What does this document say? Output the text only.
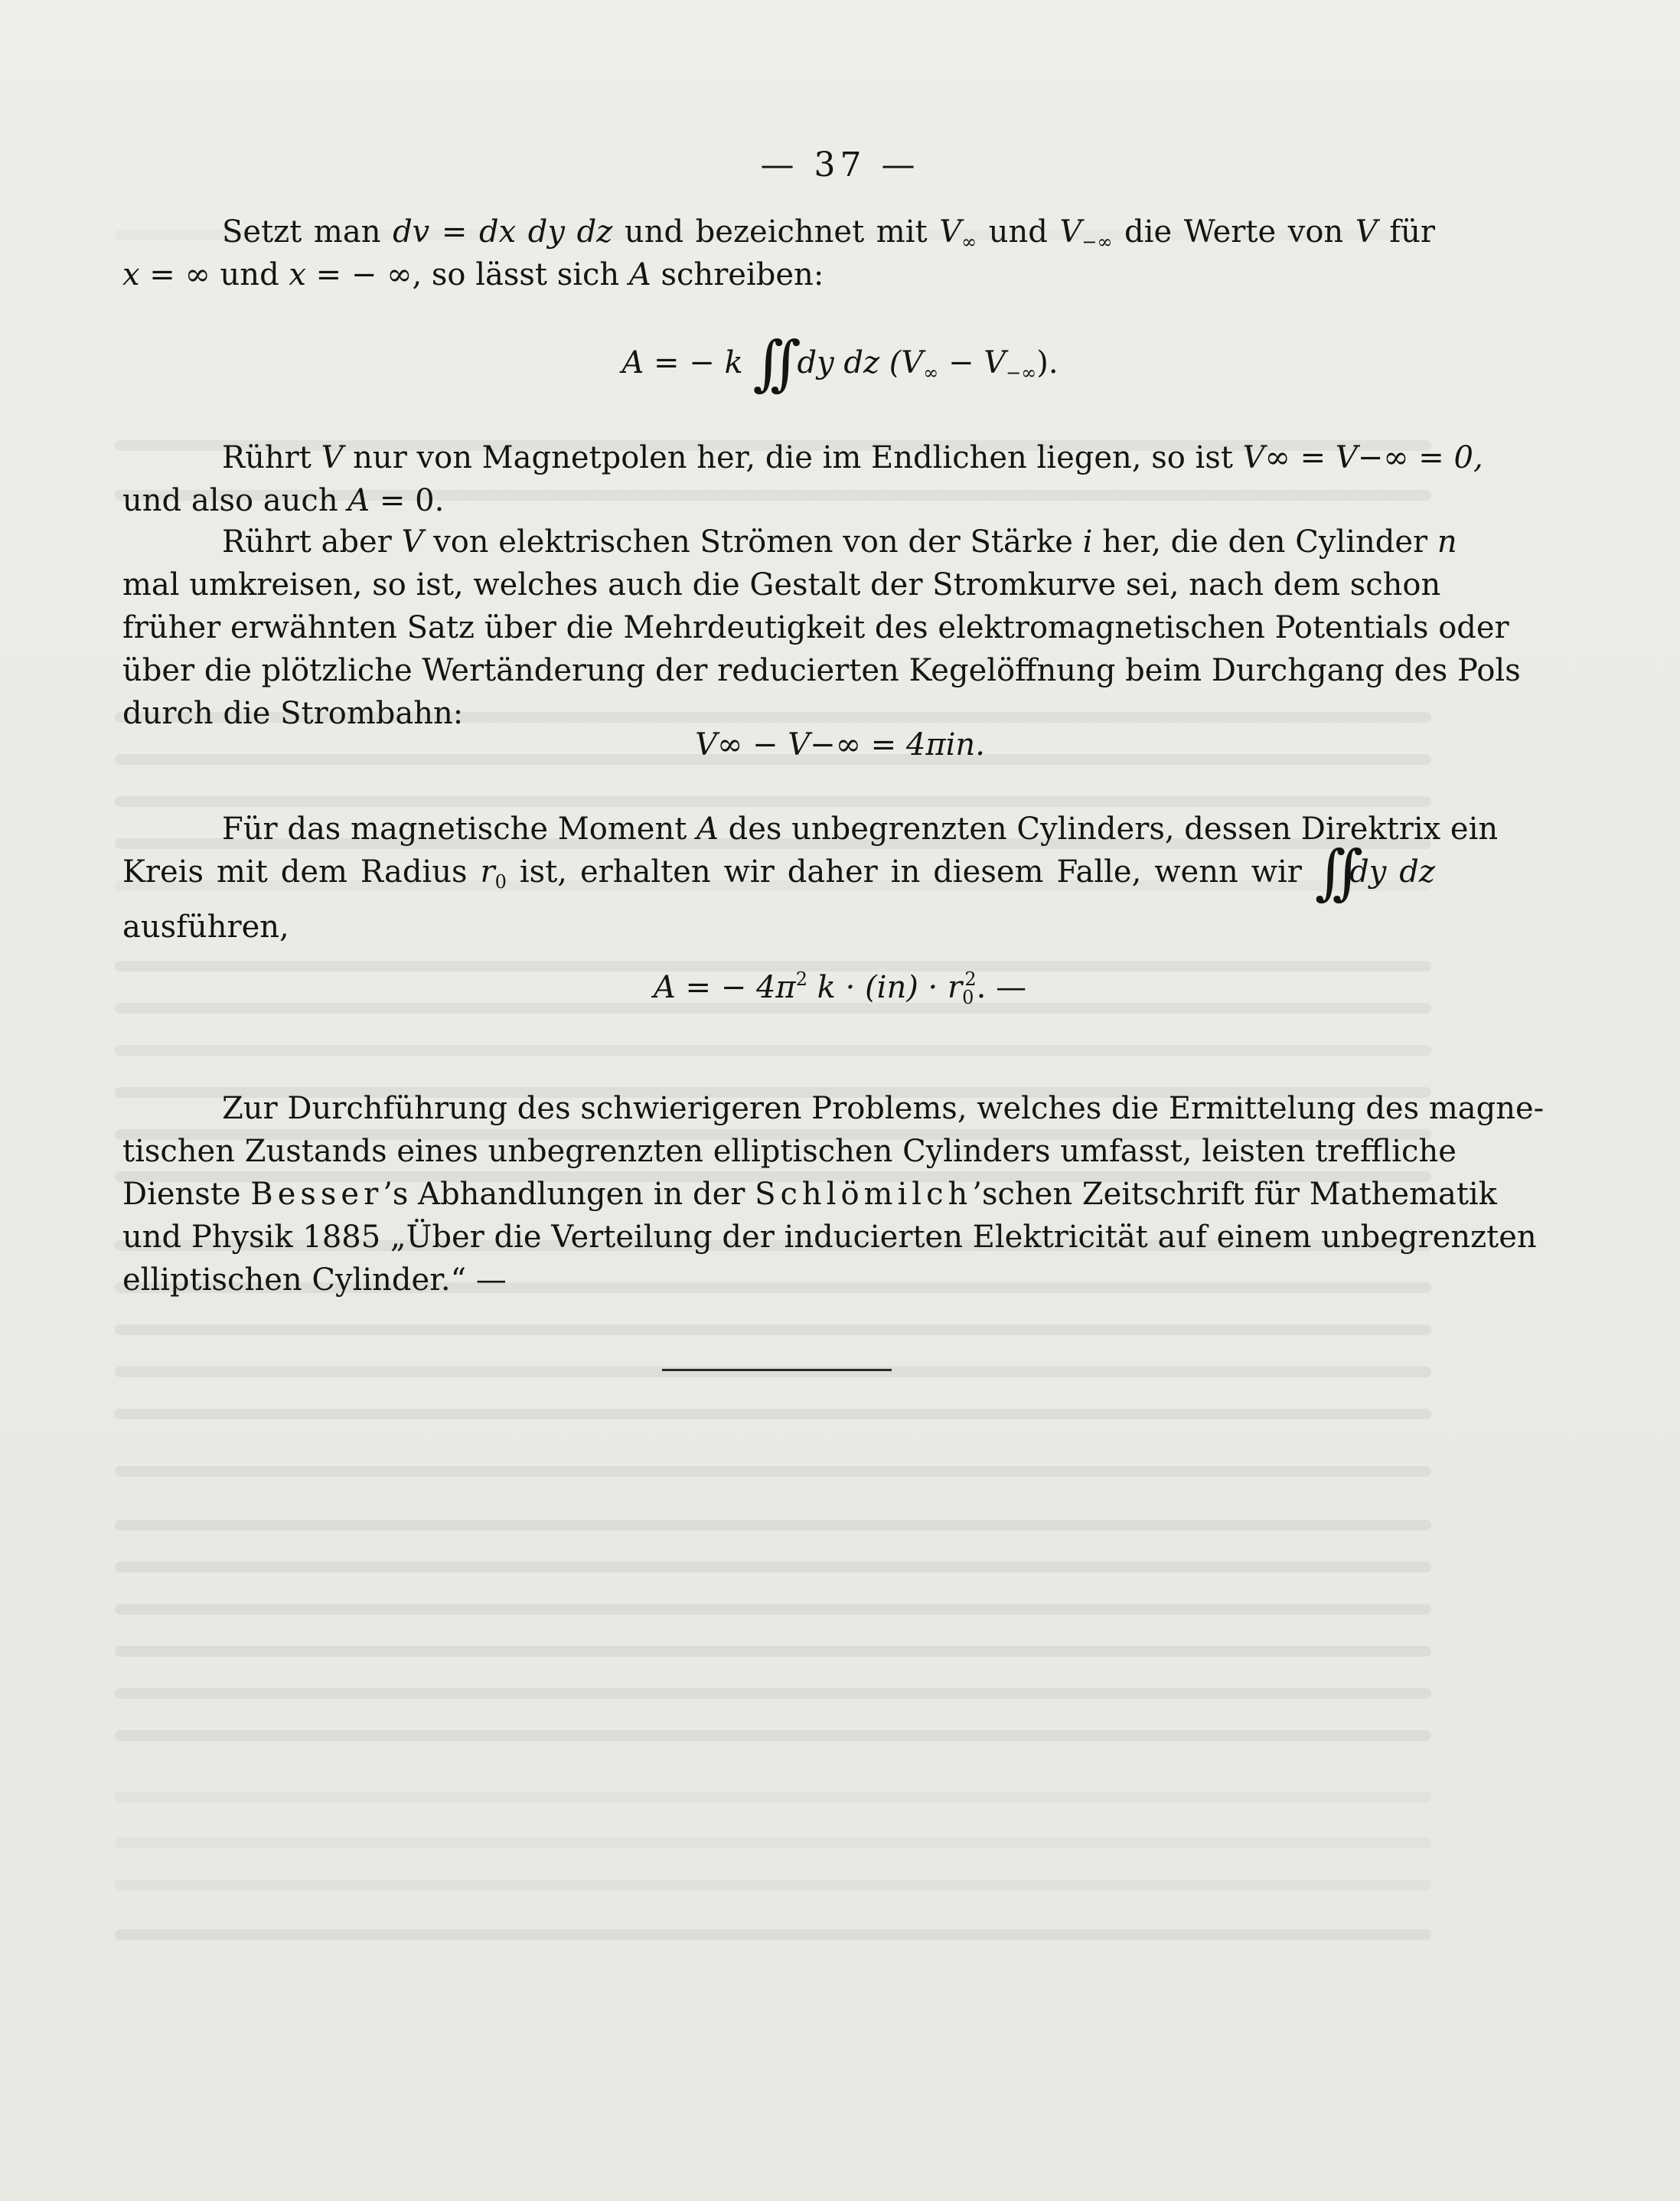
— 37 —
Setzt man dv = dx dy dz und bezeichnet mit $V_\infty$ und $V_{-\infty}$ die Werte von V für
x = ∞ und x = − ∞, so lässt sich A schreiben:
A = − k ∫∫ dy dz $(V_\infty - V_{-\infty})$.
Rührt V nur von Magnetpolen her, die im Endlichen liegen, so ist V∞ = V−∞ = 0,
und also auch A = 0.
Rührt aber V von elektrischen Strömen von der Stärke i her, die den Cylinder n
mal umkreisen, so ist, welches auch die Gestalt der Stromkurve sei, nach dem schon
früher erwähnten Satz über die Mehrdeutigkeit des elektromagnetischen Potentials oder
über die plötzliche Wertänderung der reducierten Kegelöffnung beim Durchgang des Pols
durch die Strombahn:
V∞ − V−∞ = 4πin.
Für das magnetische Moment A des unbegrenzten Cylinders, dessen Direktrix ein
Kreis mit dem Radius $r_0$ ist, erhalten wir daher in diesem Falle, wenn wir ∫∫dy dz
ausführen,
A = − $4\pi^2$ $k \cdot (in) \cdot r_0^2$. —
Zur Durchführung des schwierigeren Problems, welches die Ermittelung des magne-
tischen Zustands eines unbegrenzten elliptischen Cylinders umfasst, leisten treffliche
Dienste Besser’s Abhandlungen in der Schlömilch’schen Zeitschrift für Mathematik
und Physik 1885 „Über die Verteilung der inducierten Elektricität auf einem unbegrenzten
elliptischen Cylinder.“ —
